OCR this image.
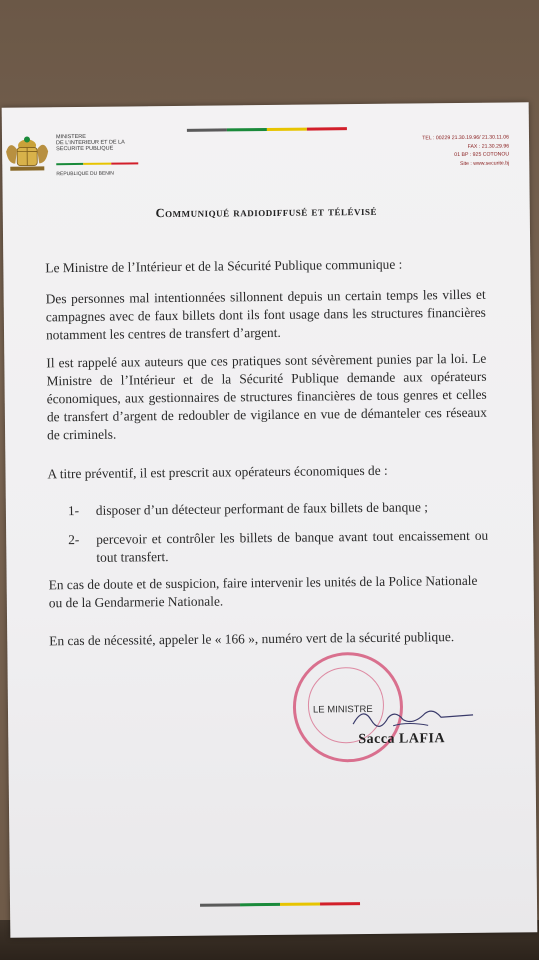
MINISTERE
DE L'INTERIEUR ET DE LA
SECURITE PUBLIQUE
REPUBLIQUE DU BENIN
TEL : 00229 21.30.19.96/ 21.30.11.06
FAX : 21.30.29.96
01 BP : 925 COTONOU
Site : www.securite.bj
Communiqué radiodiffusé et télévisé

Le Ministre de l’Intérieur et de la Sécurité Publique communique :

Des personnes mal intentionnées sillonnent depuis un certain temps les villes et campagnes avec de faux billets dont ils font usage dans les structures financières notamment les centres de transfert d’argent.

Il est rappelé aux auteurs que ces pratiques sont sévèrement punies par la loi. Le Ministre de l’Intérieur et de la Sécurité Publique demande aux opérateurs économiques, aux gestionnaires de structures financières de tous genres et celles de transfert d’argent de redoubler de vigilance en vue de démanteler ces réseaux de criminels.

A titre préventif, il est prescrit aux opérateurs économiques de :

1- disposer d’un détecteur performant de faux billets de banque ;
2- percevoir et contrôler les billets de banque avant tout encaissement ou tout transfert.

En cas de doute et de suspicion, faire intervenir les unités de la Police Nationale ou de la Gendarmerie Nationale.

En cas de nécessité, appeler le « 166 », numéro vert de la sécurité publique.

LE MINISTRE
Sacca LAFIA
